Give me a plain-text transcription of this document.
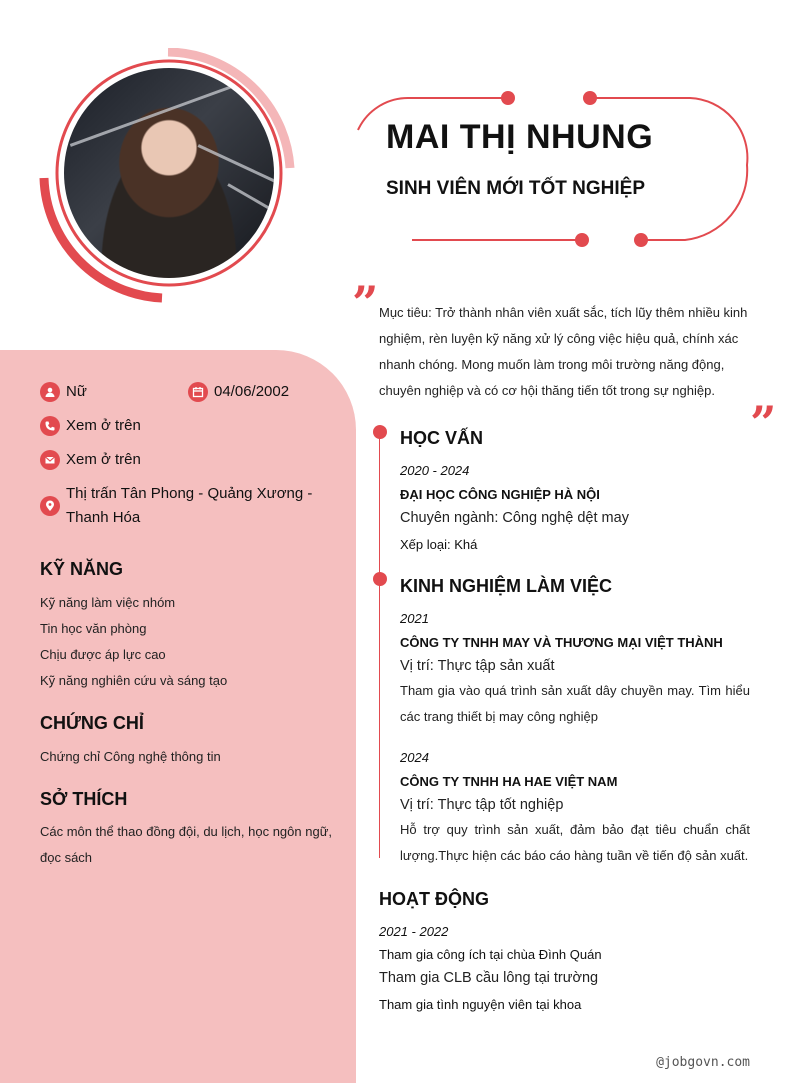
MAI THỊ NHUNG
SINH VIÊN MỚI TỐT NGHIỆP
” Mục tiêu: Trở thành nhân viên xuất sắc, tích lũy thêm nhiều kinh nghiệm, rèn luyện kỹ năng xử lý công việc hiệu quả, chính xác nhanh chóng. Mong muốn làm trong môi trường năng động, chuyên nghiệp và có cơ hội thăng tiến tốt trong sự nghiệp.
”
Nữ	04/06/2002
Xem ở trên
Xem ở trên
Thị trấn Tân Phong - Quảng Xương - Thanh Hóa
KỸ NĂNG
Kỹ năng làm việc nhóm
Tin học văn phòng
Chịu được áp lực cao
Kỹ năng nghiên cứu và sáng tạo
CHỨNG CHỈ
Chứng chỉ Công nghệ thông tin
SỞ THÍCH
Các môn thể thao đồng đội, du lịch, học ngôn ngữ, đọc sách
HỌC VẤN
2020 - 2024
ĐẠI HỌC CÔNG NGHIỆP HÀ NỘI
Chuyên ngành: Công nghệ dệt may
Xếp loại: Khá
KINH NGHIỆM LÀM VIỆC
2021
CÔNG TY TNHH MAY VÀ THƯƠNG MẠI VIỆT THÀNH
Vị trí: Thực tập sản xuất
Tham gia vào quá trình sản xuất dây chuyền may. Tìm hiểu các trang thiết bị may công nghiệp
2024
CÔNG TY TNHH HA HAE VIỆT NAM
Vị trí: Thực tập tốt nghiệp
Hỗ trợ quy trình sản xuất, đảm bảo đạt tiêu chuẩn chất lượng.Thực hiện các báo cáo hàng tuần về tiến độ sản xuất.
HOẠT ĐỘNG
2021 - 2022
Tham gia công ích tại chùa Đình Quán
Tham gia CLB cầu lông tại trường
Tham gia tình nguyện viên tại khoa
@jobgovn.com
